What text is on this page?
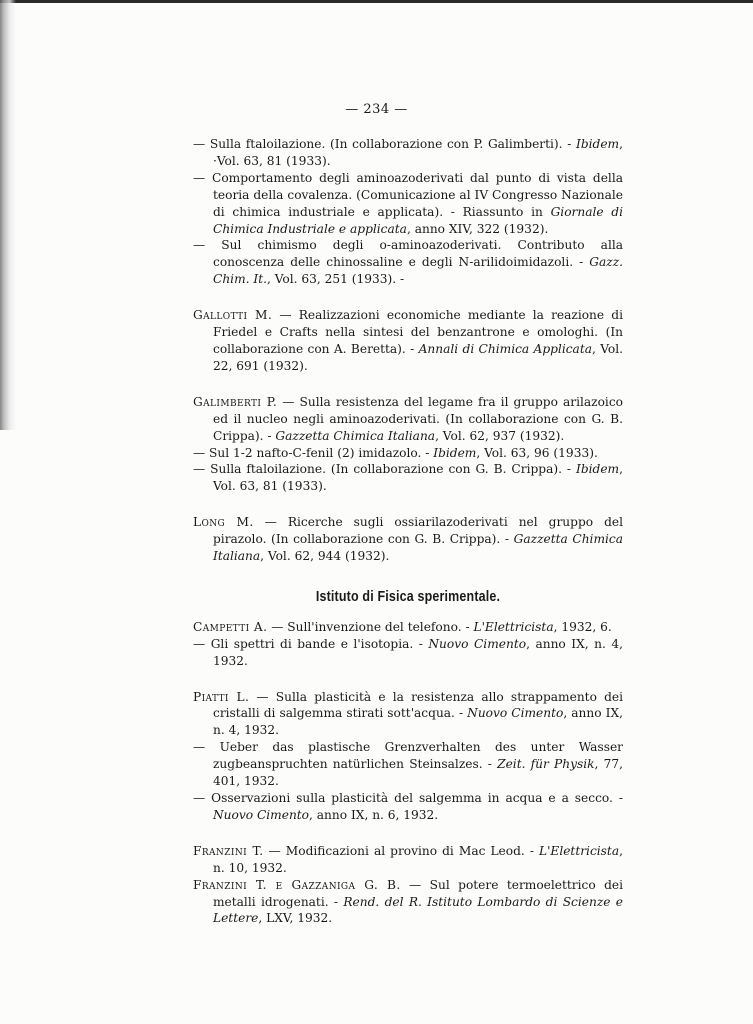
— 234 —

— Sulla ftaloilazione. (In collaborazione con P. Galimberti). - Ibidem, ·Vol. 63, 81 (1933).

— Comportamento degli aminoazoderivati dal punto di vista della teoria della covalenza. (Comunicazione al IV Congresso Nazionale di chimica industriale e applicata). - Riassunto in Giornale di Chimica Industriale e applicata, anno XIV, 322 (1932).

— Sul chimismo degli o-aminoazoderivati. Contributo alla conoscenza delle chinossaline e degli N-arilidoimidazoli. - Gazz. Chim. It., Vol. 63, 251 (1933). -

Gallotti M. — Realizzazioni economiche mediante la reazione di Friedel e Crafts nella sintesi del benzantrone e omologhi. (In collaborazione con A. Beretta). - Annali di Chimica Applicata, Vol. 22, 691 (1932).

Galimberti P. — Sulla resistenza del legame fra il gruppo arilazoico ed il nucleo negli aminoazoderivati. (In collaborazione con G. B. Crippa). - Gazzetta Chimica Italiana, Vol. 62, 937 (1932).

— Sul 1-2 nafto-C-fenil (2) imidazolo. - Ibidem, Vol. 63, 96 (1933).

— Sulla ftaloilazione. (In collaborazione con G. B. Crippa). - Ibidem, Vol. 63, 81 (1933).

Long M. — Ricerche sugli ossiarilazoderivati nel gruppo del pirazolo. (In collaborazione con G. B. Crippa). - Gazzetta Chimica Italiana, Vol. 62, 944 (1932).

Istituto di Fisica sperimentale.

Campetti A. — Sull'invenzione del telefono. - L'Elettricista, 1932, 6.

— Gli spettri di bande e l'isotopia. - Nuovo Cimento, anno IX, n. 4, 1932.

Piatti L. — Sulla plasticità e la resistenza allo strappamento dei cristalli di salgemma stirati sott'acqua. - Nuovo Cimento, anno IX, n. 4, 1932.

— Ueber das plastische Grenzverhalten des unter Wasser zugbeanspruchten natürlichen Steinsalzes. - Zeit. für Physik, 77, 401, 1932.

— Osservazioni sulla plasticità del salgemma in acqua e a secco. - Nuovo Cimento, anno IX, n. 6, 1932.

Franzini T. — Modificazioni al provino di Mac Leod. - L'Elettricista, n. 10, 1932.

Franzini T. e Gazzaniga G. B. — Sul potere termoelettrico dei metalli idrogenati. - Rend. del R. Istituto Lombardo di Scienze e Lettere, LXV, 1932.
